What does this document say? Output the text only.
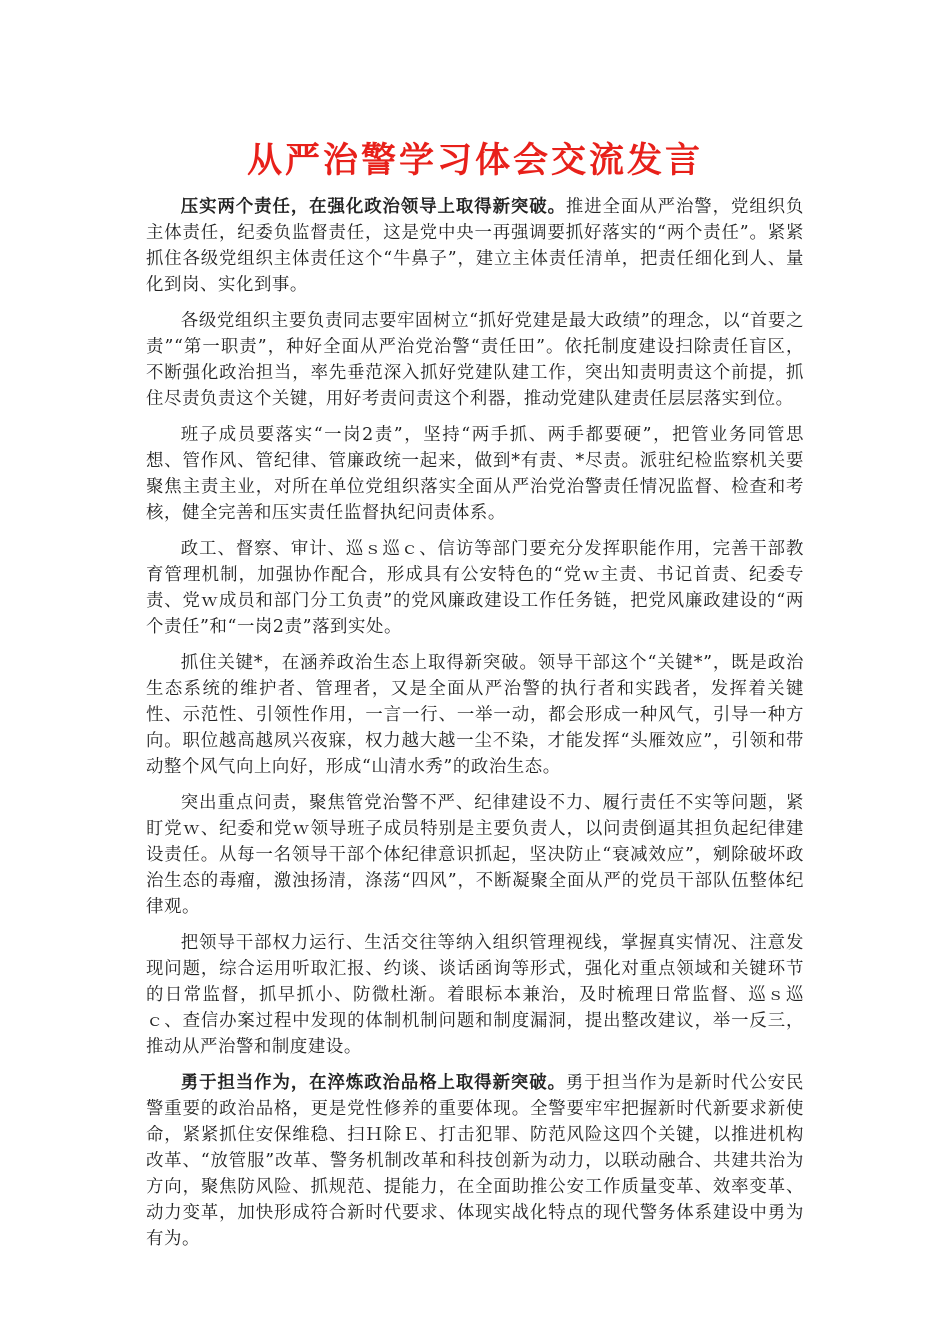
从严治警学习体会交流发言

压实两个责任，在强化政治领导上取得新突破。推进全面从严治警，党组织负主体责任，纪委负监督责任，这是党中央一再强调要抓好落实的“两个责任”。紧紧抓住各级党组织主体责任这个“牛鼻子”，建立主体责任清单，把责任细化到人、量化到岗、实化到事。

各级党组织主要负责同志要牢固树立“抓好党建是最大政绩”的理念，以“首要之责”“第一职责”，种好全面从严治党治警“责任田”。依托制度建设扫除责任盲区，不断强化政治担当，率先垂范深入抓好党建队建工作，突出知责明责这个前提，抓住尽责负责这个关键，用好考责问责这个利器，推动党建队建责任层层落实到位。

班子成员要落实“一岗2责”，坚持“两手抓、两手都要硬”，把管业务同管思想、管作风、管纪律、管廉政统一起来，做到*有责、*尽责。派驻纪检监察机关要聚焦主责主业，对所在单位党组织落实全面从严治党治警责任情况监督、检查和考核，健全完善和压实责任监督执纪问责体系。

政工、督察、审计、巡ｓ巡ｃ、信访等部门要充分发挥职能作用，完善干部教育管理机制，加强协作配合，形成具有公安特色的“党ｗ主责、书记首责、纪委专责、党ｗ成员和部门分工负责”的党风廉政建设工作任务链，把党风廉政建设的“两个责任”和“一岗2责”落到实处。

抓住关键*，在涵养政治生态上取得新突破。领导干部这个“关键*”，既是政治生态系统的维护者、管理者，又是全面从严治警的执行者和实践者，发挥着关键性、示范性、引领性作用，一言一行、一举一动，都会形成一种风气，引导一种方向。职位越高越夙兴夜寐，权力越大越一尘不染，才能发挥“头雁效应”，引领和带动整个风气向上向好，形成“山清水秀”的政治生态。

突出重点问责，聚焦管党治警不严、纪律建设不力、履行责任不实等问题，紧盯党ｗ、纪委和党ｗ领导班子成员特别是主要负责人，以问责倒逼其担负起纪律建设责任。从每一名领导干部个体纪律意识抓起，坚决防止“衰减效应”，剜除破坏政治生态的毒瘤，激浊扬清，涤荡“四风”，不断凝聚全面从严的党员干部队伍整体纪律观。

把领导干部权力运行、生活交往等纳入组织管理视线，掌握真实情况、注意发现问题，综合运用听取汇报、约谈、谈话函询等形式，强化对重点领域和关键环节的日常监督，抓早抓小、防微杜渐。着眼标本兼治，及时梳理日常监督、巡ｓ巡ｃ、查信办案过程中发现的体制机制问题和制度漏洞，提出整改建议，举一反三，推动从严治警和制度建设。

勇于担当作为，在淬炼政治品格上取得新突破。勇于担当作为是新时代公安民警重要的政治品格，更是党性修养的重要体现。全警要牢牢把握新时代新要求新使命，紧紧抓住安保维稳、扫Ｈ除Ｅ、打击犯罪、防范风险这四个关键，以推进机构改革、“放管服”改革、警务机制改革和科技创新为动力，以联动融合、共建共治为方向，聚焦防风险、抓规范、提能力，在全面助推公安工作质量变革、效率变革、动力变革，加快形成符合新时代要求、体现实战化特点的现代警务体系建设中勇为有为。
